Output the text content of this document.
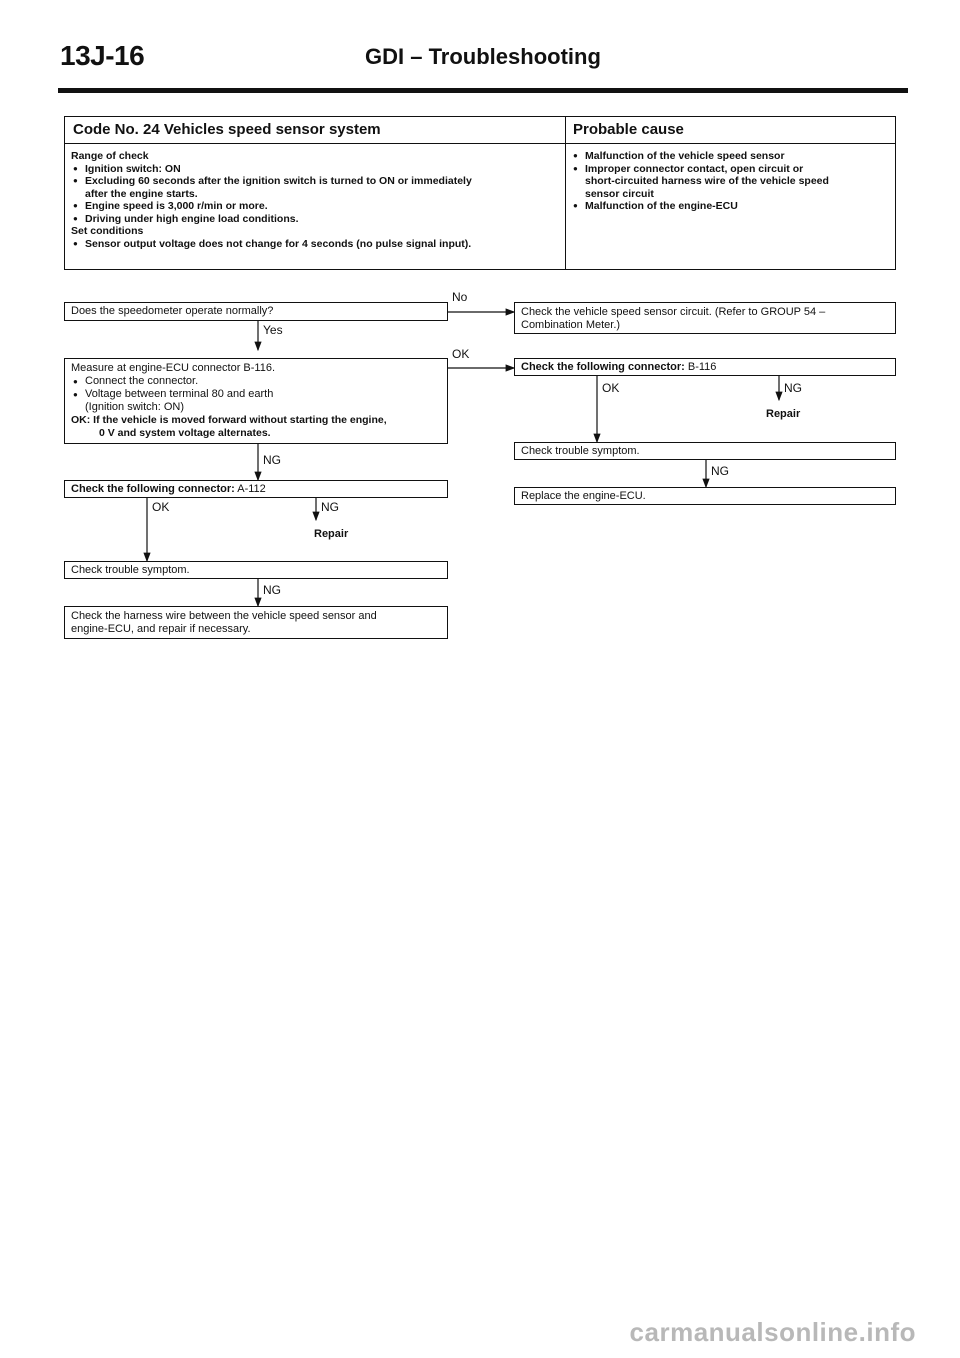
13J-16	GDI – Troubleshooting
Code No. 24 Vehicles speed sensor system	Probable cause
Range of check
● Ignition switch: ON
● Excluding 60 seconds after the ignition switch is turned to ON or immediately
after the engine starts.
● Engine speed is 3,000 r/min or more.
● Driving under high engine load conditions.
Set conditions
● Sensor output voltage does not change for 4 seconds (no pulse signal input).
● Malfunction of the vehicle speed sensor
● Improper connector contact, open circuit or
short-circuited harness wire of the vehicle speed
sensor circuit
● Malfunction of the engine-ECU
Does the speedometer operate normally?
No
Yes
Measure at engine-ECU connector B-116.
● Connect the connector.
● Voltage between terminal 80 and earth
(Ignition switch: ON)
OK: If the vehicle is moved forward without starting the engine,
0 V and system voltage alternates.
OK
NG
Check the following connector: A-112
OK	NG
Repair
Check trouble symptom.
NG
Check the harness wire between the vehicle speed sensor and
engine-ECU, and repair if necessary.
Check the vehicle speed sensor circuit. (Refer to GROUP 54 –
Combination Meter.)
Check the following connector: B-116
OK	NG
Repair
Check trouble symptom.
NG
Replace the engine-ECU.
carmanualsonline.info
